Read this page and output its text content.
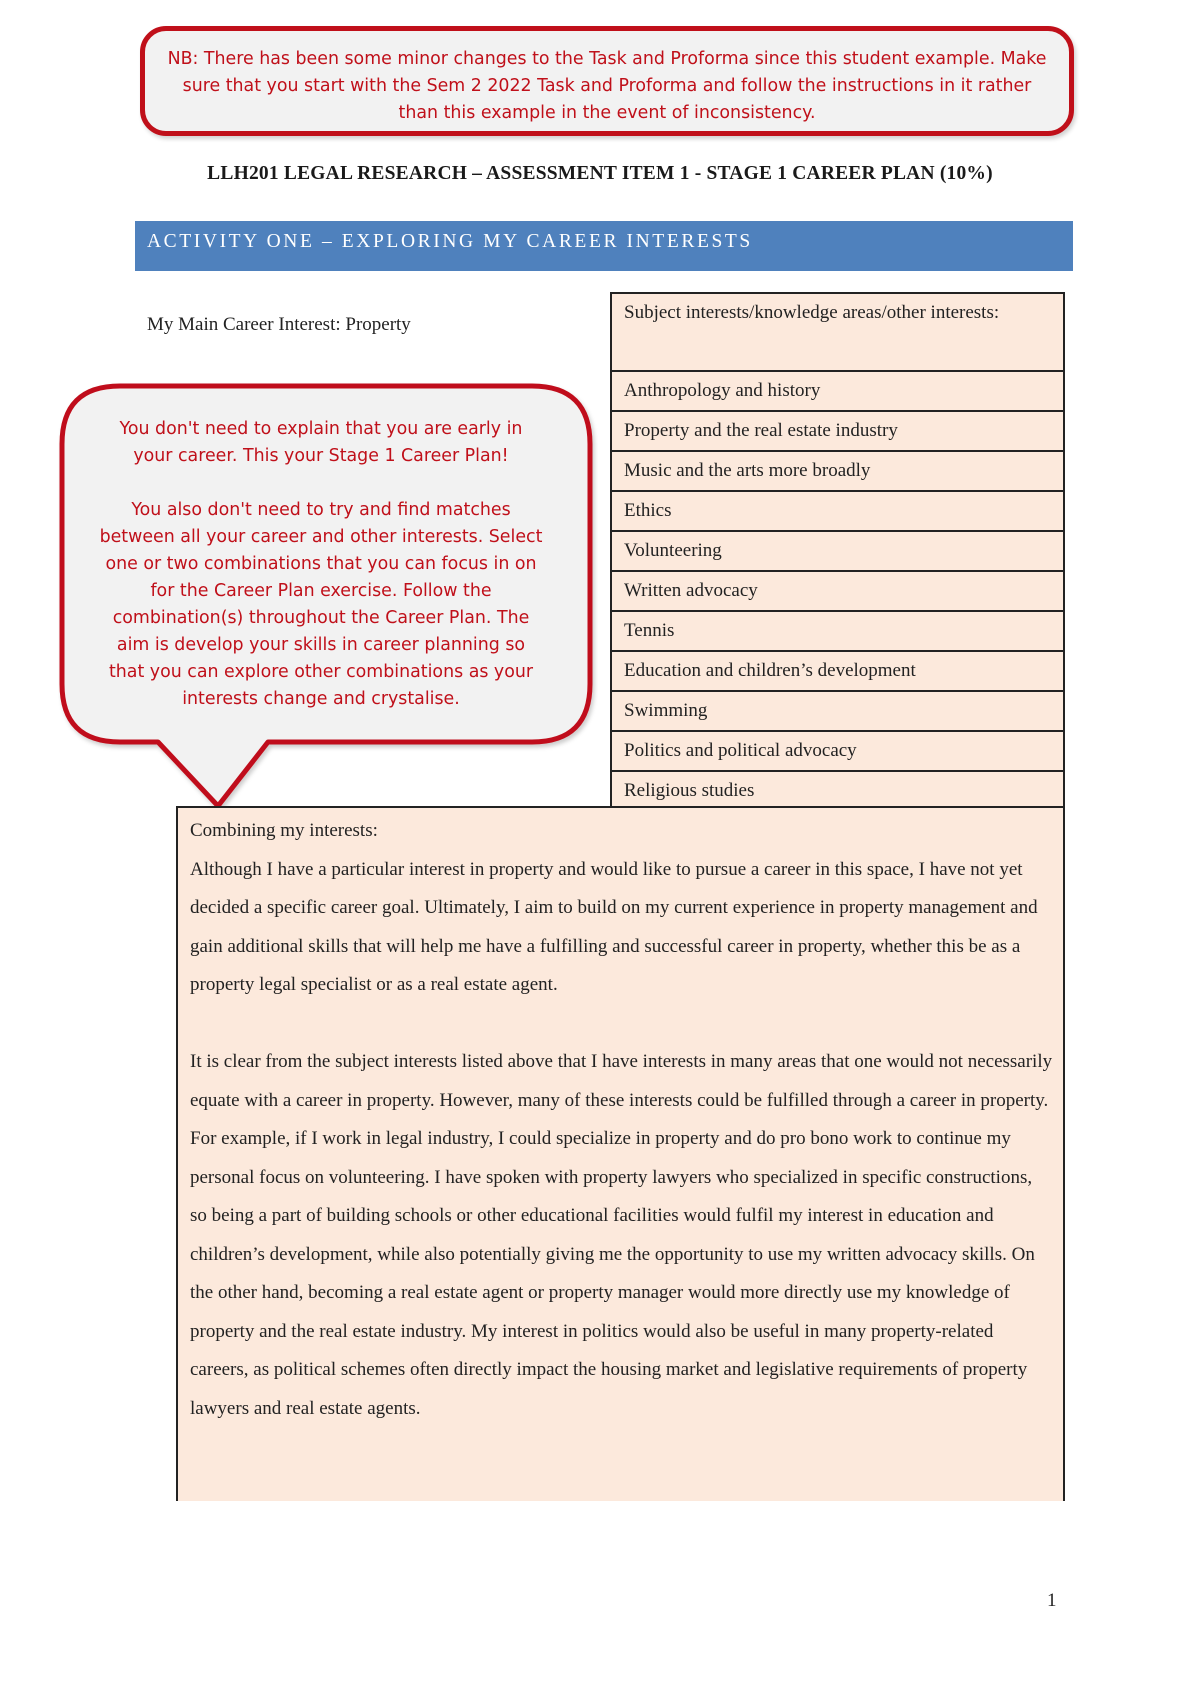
NB: There has been some minor changes to the Task and Proforma since this student example. Make sure that you start with the Sem 2 2022 Task and Proforma and follow the instructions in it rather than this example in the event of inconsistency.
LLH201 LEGAL RESEARCH – ASSESSMENT ITEM 1 - STAGE 1 CAREER PLAN (10%)
ACTIVITY ONE – EXPLORING MY CAREER INTERESTS
My Main Career Interest: Property

You don't need to explain that you are early in your career. This your Stage 1 Career Plan!

You also don't need to try and find matches between all your career and other interests. Select one or two combinations that you can focus in on for the Career Plan exercise. Follow the combination(s) throughout the Career Plan. The aim is develop your skills in career planning so that you can explore other combinations as your interests change and crystalise.

Subject interests/knowledge areas/other interests:
Anthropology and history
Property and the real estate industry
Music and the arts more broadly
Ethics
Volunteering
Written advocacy
Tennis
Education and children’s development
Swimming
Politics and political advocacy
Religious studies

Combining my interests:

Although I have a particular interest in property and would like to pursue a career in this space, I have not yet decided a specific career goal. Ultimately, I aim to build on my current experience in property management and gain additional skills that will help me have a fulfilling and successful career in property, whether this be as a property legal specialist or as a real estate agent.

It is clear from the subject interests listed above that I have interests in many areas that one would not necessarily equate with a career in property. However, many of these interests could be fulfilled through a career in property. For example, if I work in legal industry, I could specialize in property and do pro bono work to continue my personal focus on volunteering. I have spoken with property lawyers who specialized in specific constructions, so being a part of building schools or other educational facilities would fulfil my interest in education and children’s development, while also potentially giving me the opportunity to use my written advocacy skills. On the other hand, becoming a real estate agent or property manager would more directly use my knowledge of property and the real estate industry. My interest in politics would also be useful in many property-related careers, as political schemes often directly impact the housing market and legislative requirements of property lawyers and real estate agents.

1
